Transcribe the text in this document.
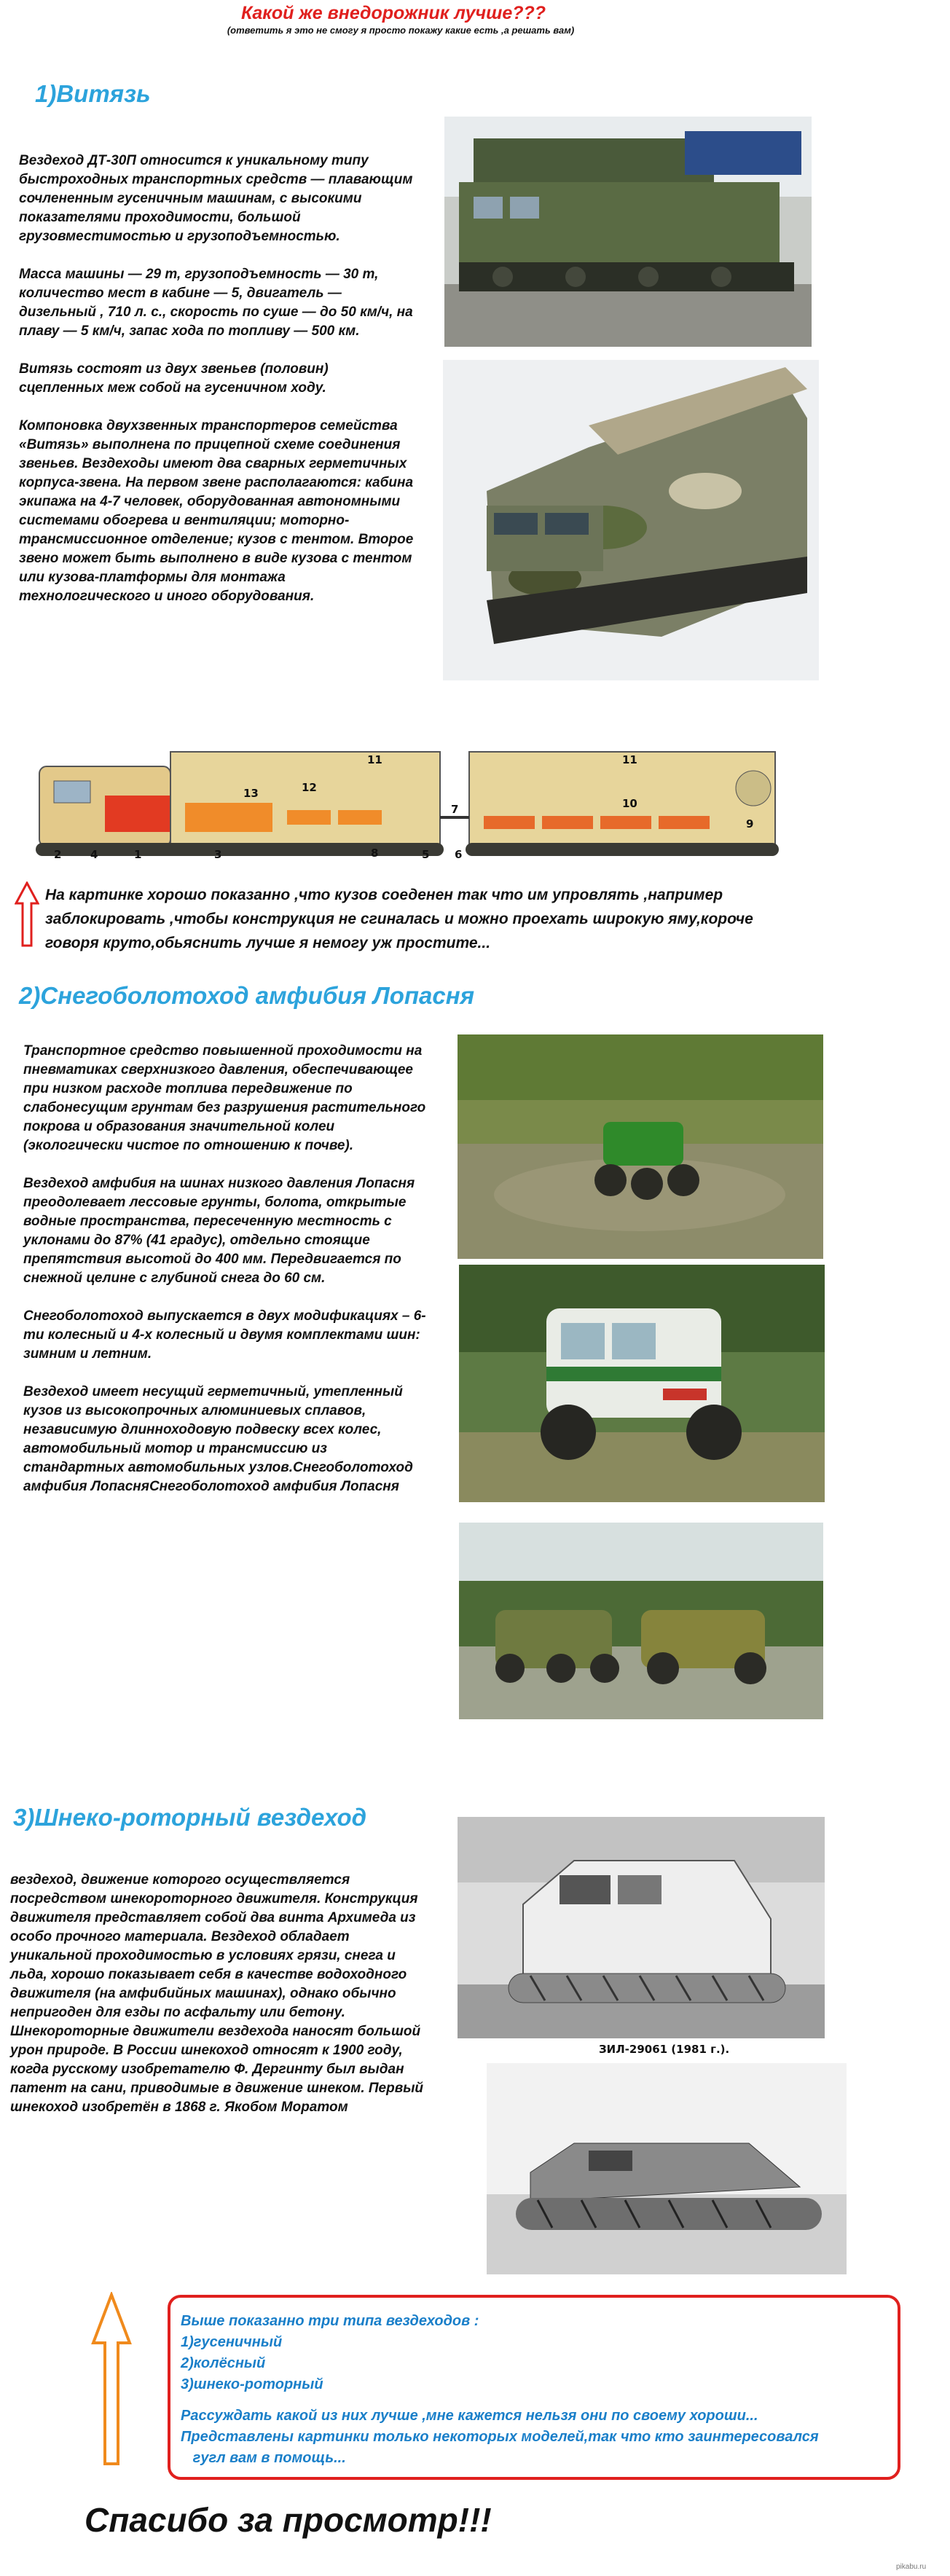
Какой же внедорожник лучше???
(ответить я это не смогу я просто покажу какие есть ,а решать вам)
1)Витязь

Вездеход ДТ-30П относится к уникальному типу быстроходных транспортных средств — плавающим сочлененным гусеничным машинам, с высокими показателями проходимости, большой грузовместимостью и грузоподъемностью.

Масса машины — 29 т, грузоподъемность — 30 т, количество мест в кабине — 5, двигатель — дизельный , 710 л. с., скорость по суше — до 50 км/ч, на плаву — 5 км/ч, запас хода по топливу — 500 км.

Витязь состоят из двух звеньев (половин) сцепленных меж собой на гусеничном ходу.

Компоновка двухзвенных транспортеров семейства «Витязь» выполнена по прицепной схеме соединения звеньев. Вездеходы имеют два сварных герметичных корпуса-звена. На первом звене располагаются: кабина экипажа на 4-7 человек, оборудованная автономными системами обогрева и вентиляции; моторно-трансмиссионное отделение; кузов с тентом. Второе звено может быть выполнено в виде кузова с тентом или кузова-платформы для монтажа технологического и иного оборудования.

11
12
13
11
10
9
8	5
3
1
2	4
7
6
На картинке хорошо показанно ,что кузов соеденен так что им упровлять ,например заблокировать ,чтобы конструкция не сгиналась и можно проехать широкую яму,короче говоря круто,обьяснить лучше я немогу уж простите...
2)Снегоболотоход амфибия Лопасня

Транспортное средство повышенной проходимости на пневматиках сверхнизкого давления, обеспечивающее при низком расходе топлива передвижение по слабонесущим грунтам без разрушения растительного покрова и образования значительной колеи (экологически чистое по отношению к почве).

Вездеход амфибия на шинах низкого давления Лопасня преодолевает лессовые грунты, болота, открытые водные пространства, пересеченную местность с уклонами до 87% (41 градус), отдельно стоящие препятствия высотой до 400 мм. Передвигается по снежной целине с глубиной снега до 60 см.

Снегоболотоход выпускается в двух модификациях – 6-ти колесный и 4-х колесный и двумя комплектами шин: зимним и летним.

Вездеход имеет несущий герметичный, утепленный кузов из высокопрочных алюминиевых сплавов, независимую длинноходовую подвеску всех колес, автомобильный мотор и трансмиссию из стандартных автомобильных узлов.Снегоболотоход амфибия ЛопасняСнегоболотоход амфибия Лопасня

3)Шнеко-роторный вездеход
вездеход, движение которого осуществляется посредством шнекороторного движителя. Конструкция движителя представляет собой два винта Архимеда из особо прочного материала. Вездеход обладает уникальной проходимостью в условиях грязи, снега и льда, хорошо показывает себя в качестве водоходного движителя (на амфибийных машинах), однако обычно непригоден для езды по асфальту или бетону. Шнекороторные движители вездехода наносят большой урон природе. В России шнекоход относят к 1900 году, когда русскому изобретателю Ф. Дергинту был выдан патент на сани, приводимые в движение шнеком. Первый шнекоход изобретён в 1868 г. Якобом Моратом
ЗИЛ-29061 (1981 г.).
Выше показанно три типа вездеходов :
1)гусеничный
2)колёсный
3)шнеко-роторный
Рассуждать какой из них лучше ,мне кажется нельзя они по своему хороши...
Представлены картинки только некоторых моделей,так что кто заинтересовался
гугл вам в помощь...
Спасибо за просмотр!!!
pikabu.ru
